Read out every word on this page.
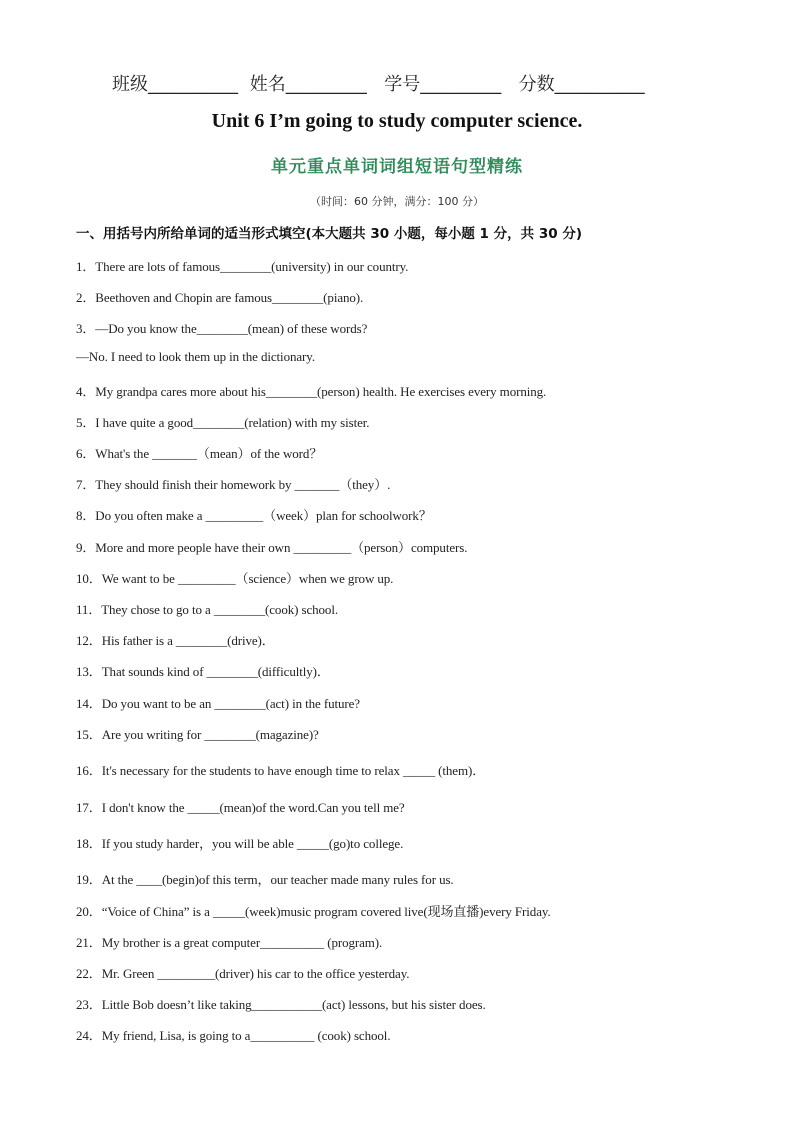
班级__________ 姓名_________ 学号_________ 分数__________
Unit 6 I’m going to study computer science.
单元重点单词词组短语句型精练
（时间：60 分钟，满分：100 分）
一、用括号内所给单词的适当形式填空(本大题共 30 小题，每小题 1 分，共 30 分)
1．There are lots of famous________(university) in our country.
2．Beethoven and Chopin are famous________(piano).
3．—Do you know the________(mean) of these words?
—No. I need to look them up in the dictionary.
4．My grandpa cares more about his________(person) health. He exercises every morning.
5．I have quite a good________(relation) with my sister.
6．What's the _______（mean）of the word？
7．They should finish their homework by _______（they）.
8．Do you often make a _________（week）plan for schoolwork？
9．More and more people have their own _________（person）computers.
10．We want to be _________（science）when we grow up.
11．They chose to go to a ________(cook) school.
12．His father is a ________(drive)．
13．That sounds kind of ________(difficultly)．
14．Do you want to be an ________(act) in the future?
15．Are you writing for ________(magazine)?
16．It's necessary for the students to have enough time to relax _____ (them)．
17．I don't know the _____(mean)of the word.Can you tell me?
18．If you study harder，you will be able _____(go)to college.
19．At the ____(begin)of this term，our teacher made many rules for us.
20．“Voice of China” is a _____(week)music program covered live(现场直播)every Friday.
21．My brother is a great computer__________ (program).
22．Mr. Green _________(driver) his car to the office yesterday.
23．Little Bob doesn’t like taking___________(act) lessons, but his sister does.
24．My friend, Lisa, is going to a__________ (cook) school.
